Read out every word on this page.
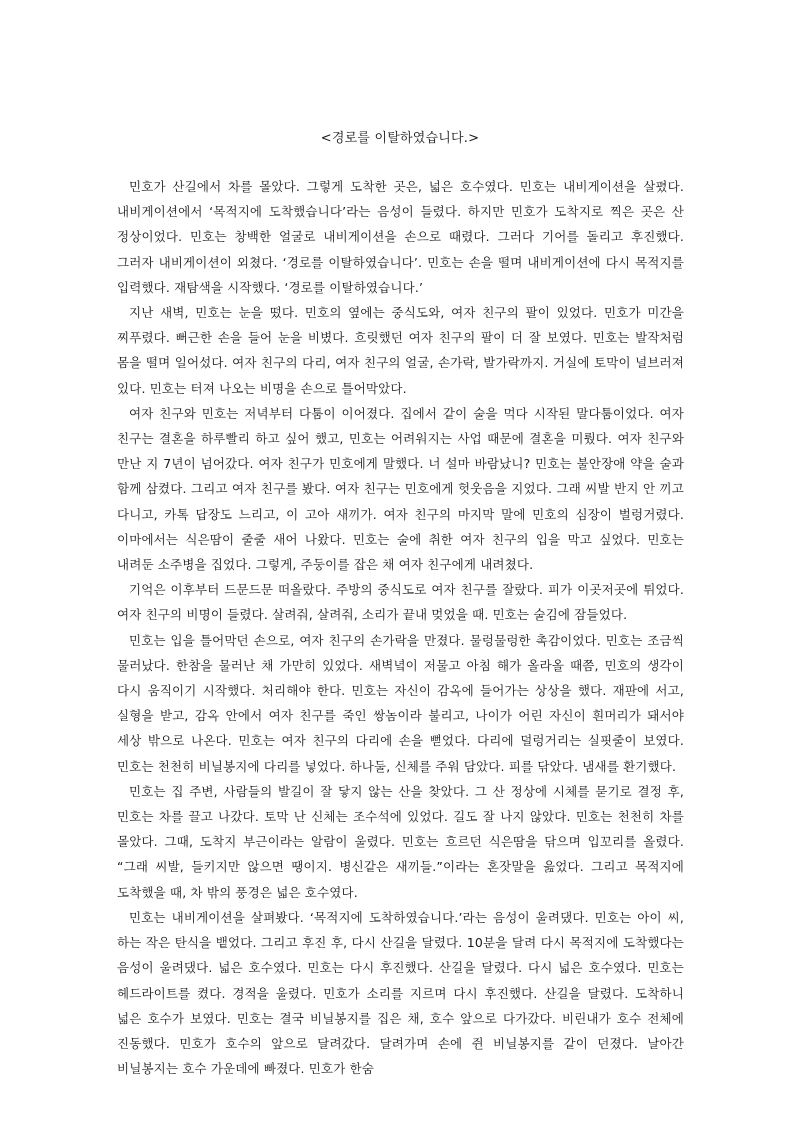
<경로를 이탈하였습니다.>

민호가 산길에서 차를 몰았다. 그렇게 도착한 곳은, 넓은 호수였다. 민호는 내비게이션을 살폈다. 내비게이션에서 ‘목적지에 도착했습니다’라는 음성이 들렸다. 하지만 민호가 도착지로 찍은 곳은 산 정상이었다. 민호는 창백한 얼굴로 내비게이션을 손으로 때렸다. 그러다 기어를 돌리고 후진했다. 그러자 내비게이션이 외쳤다. ‘경로를 이탈하였습니다’. 민호는 손을 떨며 내비게이션에 다시 목적지를 입력했다. 재탐색을 시작했다. ‘경로를 이탈하였습니다.’

지난 새벽, 민호는 눈을 떴다. 민호의 옆에는 중식도와, 여자 친구의 팔이 있었다. 민호가 미간을 찌푸렸다. 뻐근한 손을 들어 눈을 비볐다. 흐릿했던 여자 친구의 팔이 더 잘 보였다. 민호는 발작처럼 몸을 떨며 일어섰다. 여자 친구의 다리, 여자 친구의 얼굴, 손가락, 발가락까지. 거실에 토막이 널브러져 있다. 민호는 터져 나오는 비명을 손으로 틀어막았다.

여자 친구와 민호는 저녁부터 다툼이 이어졌다. 집에서 같이 술을 먹다 시작된 말다툼이었다. 여자 친구는 결혼을 하루빨리 하고 싶어 했고, 민호는 어려워지는 사업 때문에 결혼을 미뤘다. 여자 친구와 만난 지 7년이 넘어갔다. 여자 친구가 민호에게 말했다. 너 설마 바람났니? 민호는 불안장애 약을 술과 함께 삼켰다. 그리고 여자 친구를 봤다. 여자 친구는 민호에게 헛웃음을 지었다. 그래 씨발 반지 안 끼고 다니고, 카톡 답장도 느리고, 이 고아 새끼가. 여자 친구의 마지막 말에 민호의 심장이 벌렁거렸다. 이마에서는 식은땀이 줄줄 새어 나왔다. 민호는 술에 취한 여자 친구의 입을 막고 싶었다. 민호는 내려둔 소주병을 집었다. 그렇게, 주둥이를 잡은 채 여자 친구에게 내려쳤다.

기억은 이후부터 드문드문 떠올랐다. 주방의 중식도로 여자 친구를 잘랐다. 피가 이곳저곳에 튀었다. 여자 친구의 비명이 들렸다. 살려줘, 살려줘, 소리가 끝내 멎었을 때. 민호는 술김에 잠들었다.

민호는 입을 틀어막던 손으로, 여자 친구의 손가락을 만졌다. 물렁물렁한 촉감이었다. 민호는 조금씩 물러났다. 한참을 물러난 채 가만히 있었다. 새벽녘이 저물고 아침 해가 올라올 때쯤, 민호의 생각이 다시 움직이기 시작했다. 처리해야 한다. 민호는 자신이 감옥에 들어가는 상상을 했다. 재판에 서고, 실형을 받고, 감옥 안에서 여자 친구를 죽인 쌍놈이라 불리고, 나이가 어린 자신이 흰머리가 돼서야 세상 밖으로 나온다. 민호는 여자 친구의 다리에 손을 뻗었다. 다리에 덜렁거리는 실핏줄이 보였다. 민호는 천천히 비닐봉지에 다리를 넣었다. 하나둘, 신체를 주워 담았다. 피를 닦았다. 냄새를 환기했다.

민호는 집 주변, 사람들의 발길이 잘 닿지 않는 산을 찾았다. 그 산 정상에 시체를 묻기로 결정 후, 민호는 차를 끌고 나갔다. 토막 난 신체는 조수석에 있었다. 길도 잘 나지 않았다. 민호는 천천히 차를 몰았다. 그때, 도착지 부근이라는 알람이 울렸다. 민호는 흐르던 식은땀을 닦으며 입꼬리를 올렸다. “그래 씨발, 들키지만 않으면 땡이지. 병신같은 새끼들.”이라는 혼잣말을 읊었다. 그리고 목적지에 도착했을 때, 차 밖의 풍경은 넓은 호수였다.

민호는 내비게이션을 살펴봤다. ‘목적지에 도착하였습니다.’라는 음성이 울려댔다. 민호는 아이 씨, 하는 작은 탄식을 뱉었다. 그리고 후진 후, 다시 산길을 달렸다. 10분을 달려 다시 목적지에 도착했다는 음성이 울려댔다. 넓은 호수였다. 민호는 다시 후진했다. 산길을 달렸다. 다시 넓은 호수였다. 민호는 헤드라이트를 켰다. 경적을 울렸다. 민호가 소리를 지르며 다시 후진했다. 산길을 달렸다. 도착하니 넓은 호수가 보였다. 민호는 결국 비닐봉지를 집은 채, 호수 앞으로 다가갔다. 비린내가 호수 전체에 진동했다. 민호가 호수의 앞으로 달려갔다. 달려가며 손에 쥔 비닐봉지를 같이 던졌다. 날아간 비닐봉지는 호수 가운데에 빠졌다. 민호가 한숨
